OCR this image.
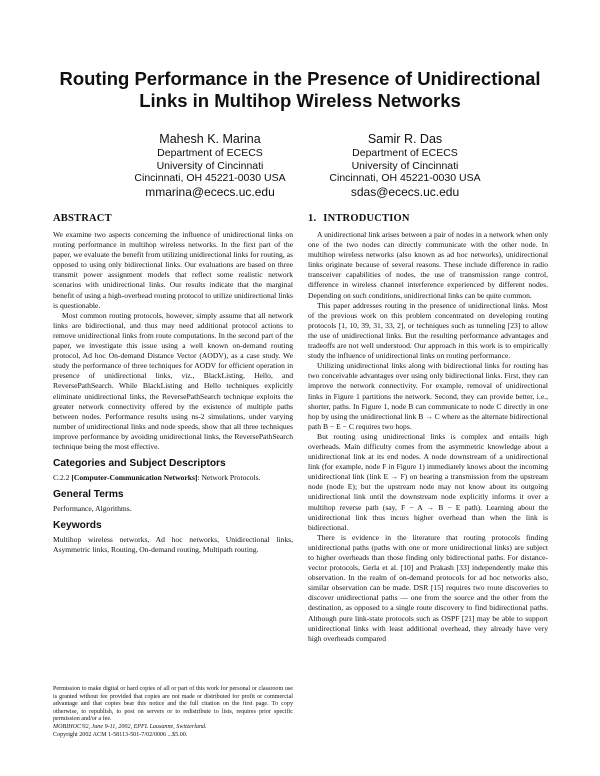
Routing Performance in the Presence of Unidirectional Links in Multihop Wireless Networks
Mahesh K. Marina
Department of ECECS
University of Cincinnati
Cincinnati, OH 45221-0030 USA
mmarina@ececs.uc.edu
Samir R. Das
Department of ECECS
University of Cincinnati
Cincinnati, OH 45221-0030 USA
sdas@ececs.uc.edu
ABSTRACT

We examine two aspects concerning the influence of unidirectional links on routing performance in multihop wireless networks. In the first part of the paper, we evaluate the benefit from utilizing unidirectional links for routing, as opposed to using only bidirectional links. Our evaluations are based on three transmit power assignment models that reflect some realistic network scenarios with unidirectional links. Our results indicate that the marginal benefit of using a high-overhead routing protocol to utilize unidirectional links is questionable.

Most common routing protocols, however, simply assume that all network links are bidirectional, and thus may need additional protocol actions to remove unidirectional links from route computations. In the second part of the paper, we investigate this issue using a well known on-demand routing protocol, Ad hoc On-demand Distance Vector (AODV), as a case study. We study the performance of three techniques for AODV for efficient operation in presence of unidirectional links, viz., BlackListing, Hello, and ReversePathSearch. While BlackListing and Hello techniques explicitly eliminate unidirectional links, the ReversePathSearch technique exploits the greater network connectivity offered by the existence of multiple paths between nodes. Performance results using ns-2 simulations, under varying number of unidirectional links and node speeds, show that all three techniques improve performance by avoiding unidirectional links, the ReversePathSearch technique being the most effective.

Categories and Subject Descriptors

C.2.2 [Computer-Communication Networks]: Network Protocols.

General Terms

Performance, Algorithms.

Keywords

Multihop wireless networks, Ad hoc networks, Unidirectional links, Asymmetric links, Routing, On-demand routing, Multipath routing.

Permission to make digital or hard copies of all or part of this work for personal or classroom use is granted without fee provided that copies are not made or distributed for profit or commercial advantage and that copies bear this notice and the full citation on the first page. To copy otherwise, to republish, to post on servers or to redistribute to lists, requires prior specific permission and/or a fee.
MOBIHOC'02, June 9-11, 2002, EPFL Lausanne, Switzerland.
Copyright 2002 ACM 1-58113-501-7/02/0006 ...$5.00.
1. INTRODUCTION

A unidirectional link arises between a pair of nodes in a network when only one of the two nodes can directly communicate with the other node. In multihop wireless networks (also known as ad hoc networks), unidirectional links originate because of several reasons. These include difference in radio transceiver capabilities of nodes, the use of transmission range control, difference in wireless channel interference experienced by different nodes. Depending on such conditions, unidirectional links can be quite common.

This paper addresses routing in the presence of unidirectional links. Most of the previous work on this problem concentrated on developing routing protocols [1, 10, 39, 31, 33, 2], or techniques such as tunneling [23] to allow the use of unidirectional links. But the resulting performance advantages and tradeoffs are not well understood. Our approach in this work is to empirically study the influence of unidirectional links on routing performance.

Utilizing unidirectional links along with bidirectional links for routing has two conceivable advantages over using only bidirectional links. First, they can improve the network connectivity. For example, removal of unidirectional links in Figure 1 partitions the network. Second, they can provide better, i.e., shorter, paths. In Figure 1, node B can communicate to node C directly in one hop by using the unidirectional link B → C where as the alternate bidirectional path B − E − C requires two hops.

But routing using unidirectional links is complex and entails high overheads. Main difficulty comes from the asymmetric knowledge about a unidirectional link at its end nodes. A node downstream of a unidirectional link (for example, node F in Figure 1) immediately knows about the incoming unidirectional link (link E → F) on hearing a transmission from the upstream node (node E); but the upstream node may not know about its outgoing unidirectional link until the downstream node explicitly informs it over a multihop reverse path (say, F − A → B − E path). Learning about the unidirectional link thus incurs higher overhead than when the link is bidirectional.

There is evidence in the literature that routing protocols finding unidirectional paths (paths with one or more unidirectional links) are subject to higher overheads than those finding only bidirectional paths. For distance-vector protocols, Gerla et al. [10] and Prakash [33] independently make this observation. In the realm of on-demand protocols for ad hoc networks also, similar observation can be made. DSR [15] requires two route discoveries to discover unidirectional paths — one from the source and the other from the destination, as opposed to a single route discovery to find bidirectional paths. Although pure link-state protocols such as OSPF [21] may be able to support unidirectional links with least additional overhead, they already have very high overheads compared
